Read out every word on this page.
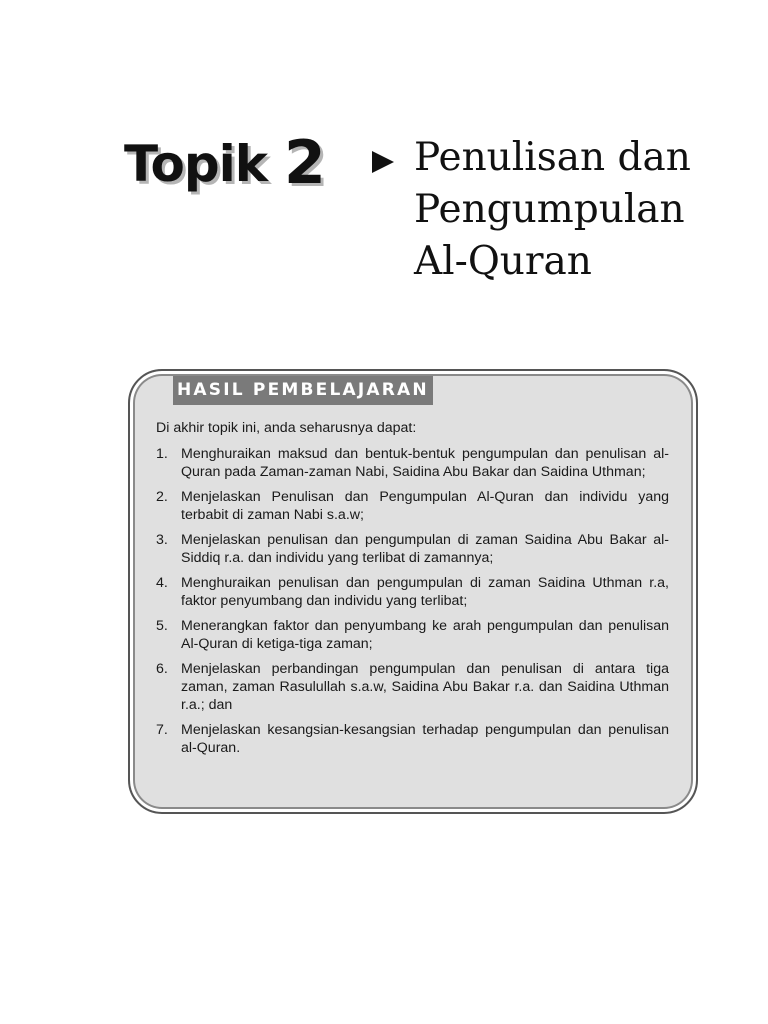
Topik 2 Penulisan dan
Pengumpulan
Al-Quran
HASIL PEMBELAJARAN

Di akhir topik ini, anda seharusnya dapat:

1. Menghuraikan maksud dan bentuk-bentuk pengumpulan dan penulisan al-Quran pada Zaman-zaman Nabi, Saidina Abu Bakar dan Saidina Uthman;
2. Menjelaskan Penulisan dan Pengumpulan Al-Quran dan individu yang terbabit di zaman Nabi s.a.w;
3. Menjelaskan penulisan dan pengumpulan di zaman Saidina Abu Bakar al-Siddiq r.a. dan individu yang terlibat di zamannya;
4. Menghuraikan penulisan dan pengumpulan di zaman Saidina Uthman r.a, faktor penyumbang dan individu yang terlibat;
5. Menerangkan faktor dan penyumbang ke arah pengumpulan dan penulisan Al-Quran di ketiga-tiga zaman;
6. Menjelaskan perbandingan pengumpulan dan penulisan di antara tiga zaman, zaman Rasulullah s.a.w, Saidina Abu Bakar r.a. dan Saidina Uthman r.a.; dan
7. Menjelaskan kesangsian-kesangsian terhadap pengumpulan dan penulisan al-Quran.
